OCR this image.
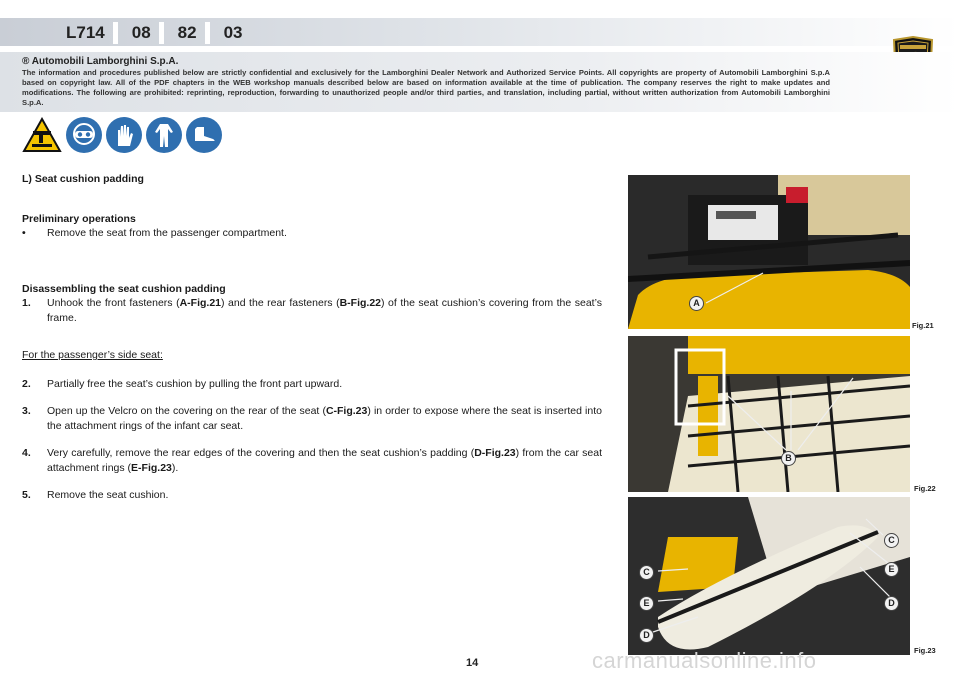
L714	08	82	03
® Automobili Lamborghini S.p.A.
The information and procedures published below are strictly confidential and exclusively for the Lamborghini Dealer Network and Authorized Service Points. All copyrights are property of Automobili Lamborghini S.p.A based on copyright law. All of the PDF chapters in the WEB workshop manuals described below are based on information available at the time of publication. The company reserves the right to make updates and modifications. The following are prohibited: reprinting, reproduction, forwarding to unauthorized people and/or third parties, and translation, including partial, without written authorization from Automobili Lamborghini S.p.A.
L) Seat cushion padding
Preliminary operations
•	Remove the seat from the passenger compartment.
Disassembling the seat cushion padding
1.	Unhook the front fasteners (A-Fig.21) and the rear fasteners (B-Fig.22) of the seat cushion’s covering from the seat’s frame.
For the passenger’s side seat:
2.	Partially free the seat’s cushion by pulling the front part upward.
3.	Open up the Velcro on the covering on the rear of the seat (C-Fig.23) in order to expose where the seat is inserted into the attachment rings of the infant car seat.
4.	Very carefully, remove the rear edges of the covering and then the seat cushion’s padding (D-Fig.23) from the car seat attachment rings (E-Fig.23).
5.	Remove the seat cushion.
A
Fig.21
B
Fig.22
C
E
D
C
E
D
Fig.23
carmanualsonline.info
14
